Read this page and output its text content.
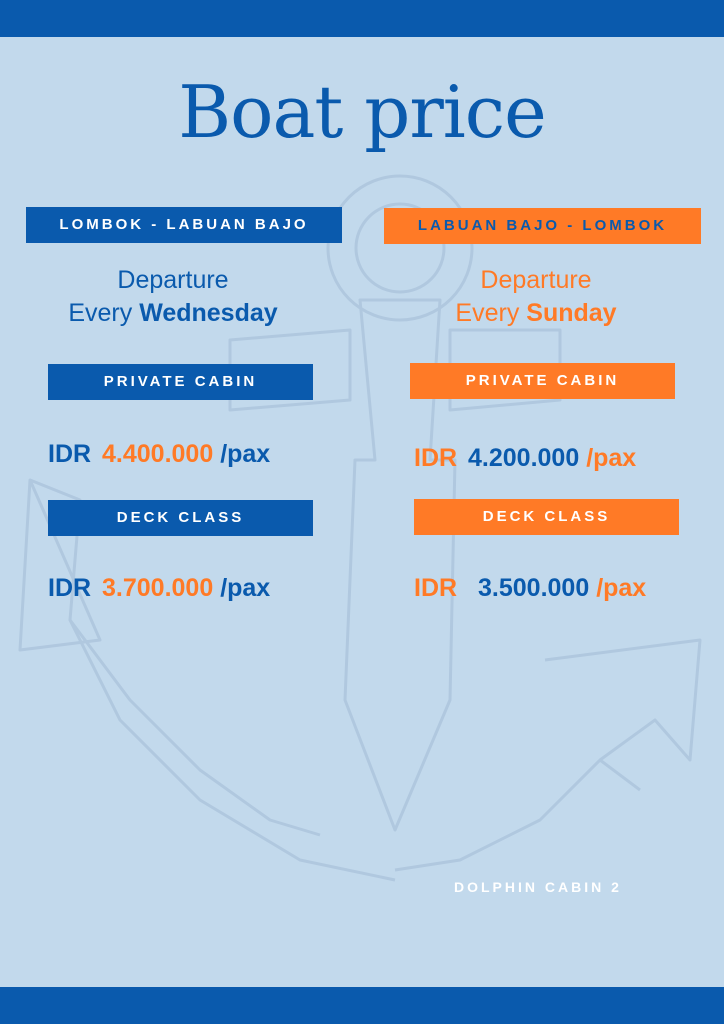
Boat price
LOMBOK - LABUAN BAJO
Departure
Every Wednesday
PRIVATE CABIN
IDR 4.400.000 /pax
DECK CLASS
IDR 3.700.000 /pax
LABUAN BAJO - LOMBOK
Departure
Every Sunday
PRIVATE CABIN
IDR 4.200.000 /pax
DECK CLASS
IDR 3.500.000 /pax
DOLPHIN CABIN 2
